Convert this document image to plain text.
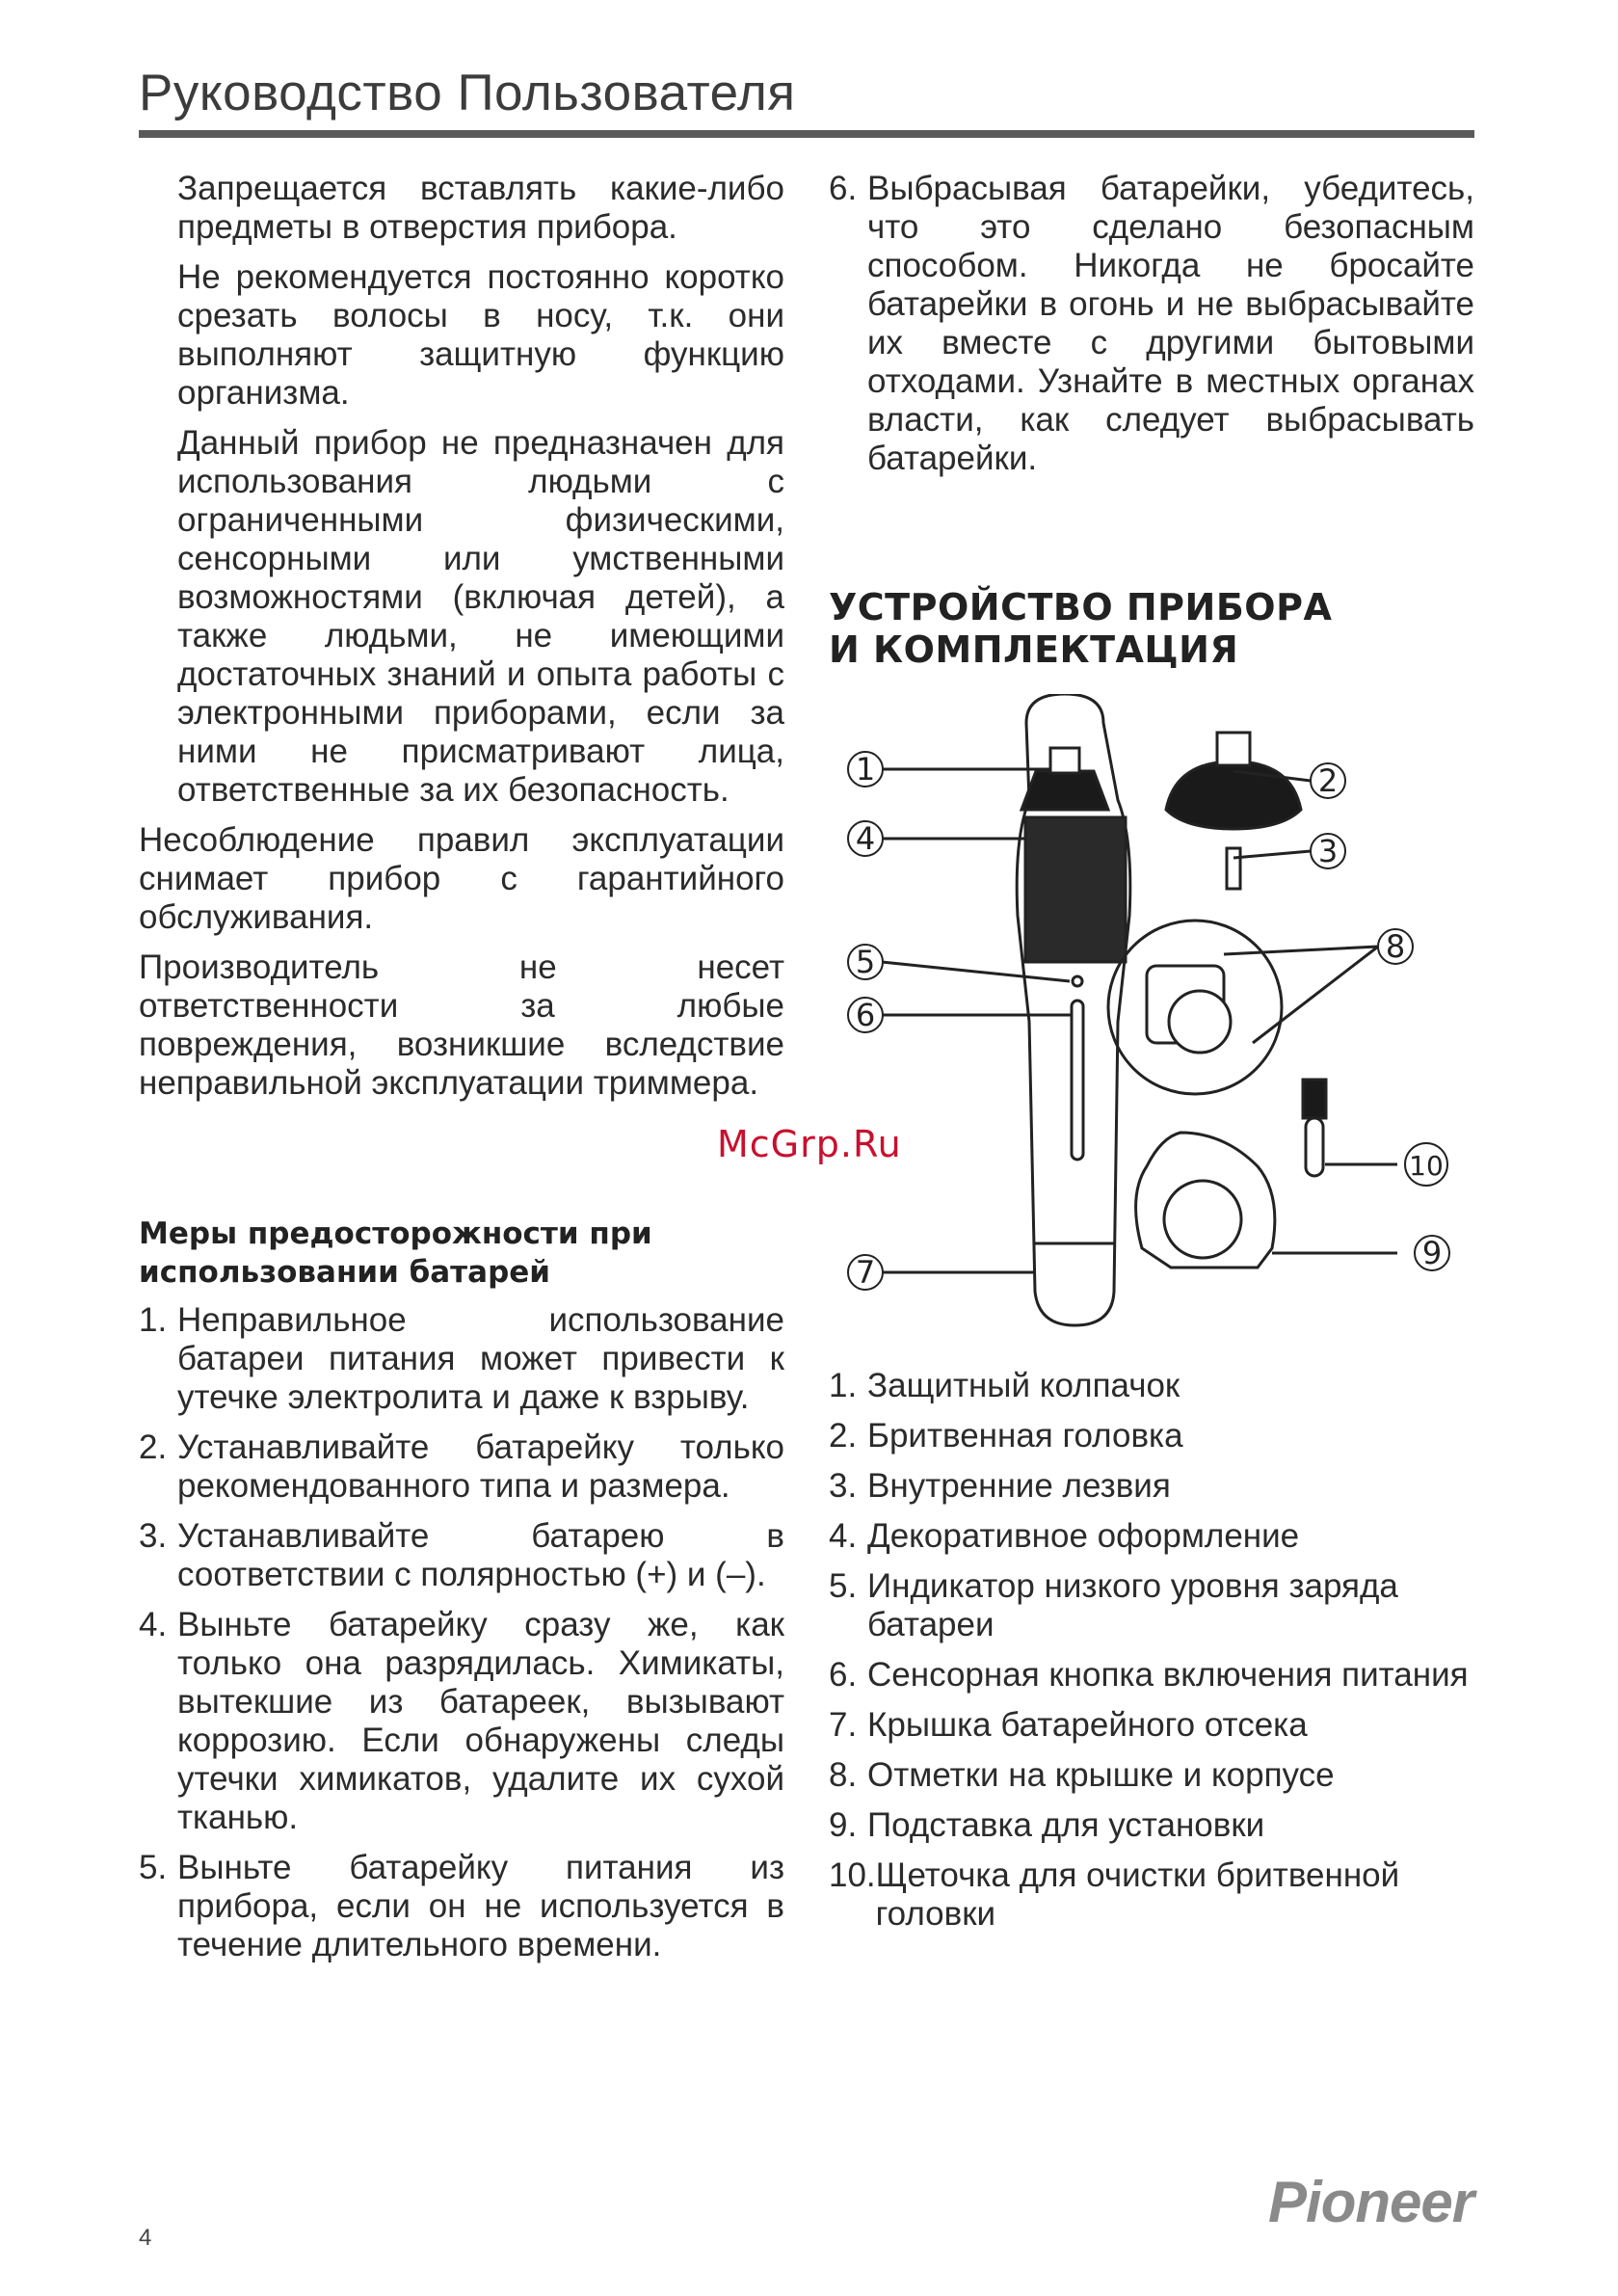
Руководство Пользователя

Запрещается вставлять какие-либо предметы в отверстия прибора.

Не рекомендуется постоянно коротко срезать волосы в носу, т.к. они выполняют защитную функцию организма.

Данный прибор не предназначен для использования людьми с ограниченными физическими, сенсорными или умственными возможностями (включая детей), а также людьми, не имеющими достаточных знаний и опыта работы с электронными приборами, если за ними не присматривают лица, ответственные за их безопасность.

Несоблюдение правил эксплуатации снимает прибор с гарантийного обслуживания.

Производитель не несет ответственности за любые повреждения, возникшие вследствие неправильной эксплуатации триммера.

Меры предосторожности при использовании батарей
1. Неправильное использование батареи питания может привести к утечке электролита и даже к взрыву.
2. Устанавливайте батарейку только рекомендованного типа и размера.
3. Устанавливайте батарею в соответствии с полярностью (+) и (–).
4. Выньте батарейку сразу же, как только она разрядилась. Химикаты, вытекшие из батареек, вызывают коррозию. Если обнаружены следы утечки химикатов, удалите их сухой тканью.
5. Выньте батарейку питания из прибора, если он не используется в течение длительного времени.
6. Выбрасывая батарейки, убедитесь, что это сделано безопасным способом. Никогда не бросайте батарейки в огонь и не выбрасывайте их вместе с другими бытовыми отходами. Узнайте в местных органах власти, как следует выбрасывать батарейки.
УСТРОЙСТВО ПРИБОРА
И КОМПЛЕКТАЦИЯ
1. Защитный колпачок
2. Бритвенная головка
3. Внутренние лезвия
4. Декоративное оформление
5. Индикатор низкого уровня заряда батареи
6. Сенсорная кнопка включения питания
7. Крышка батарейного отсека
8. Отметки на крышке и корпусе
9. Подставка для установки
10. Щеточка для очистки бритвенной головки
1	2
3
4
5
6
7
8
9
10
McGrp.Ru
4
Pioneer
